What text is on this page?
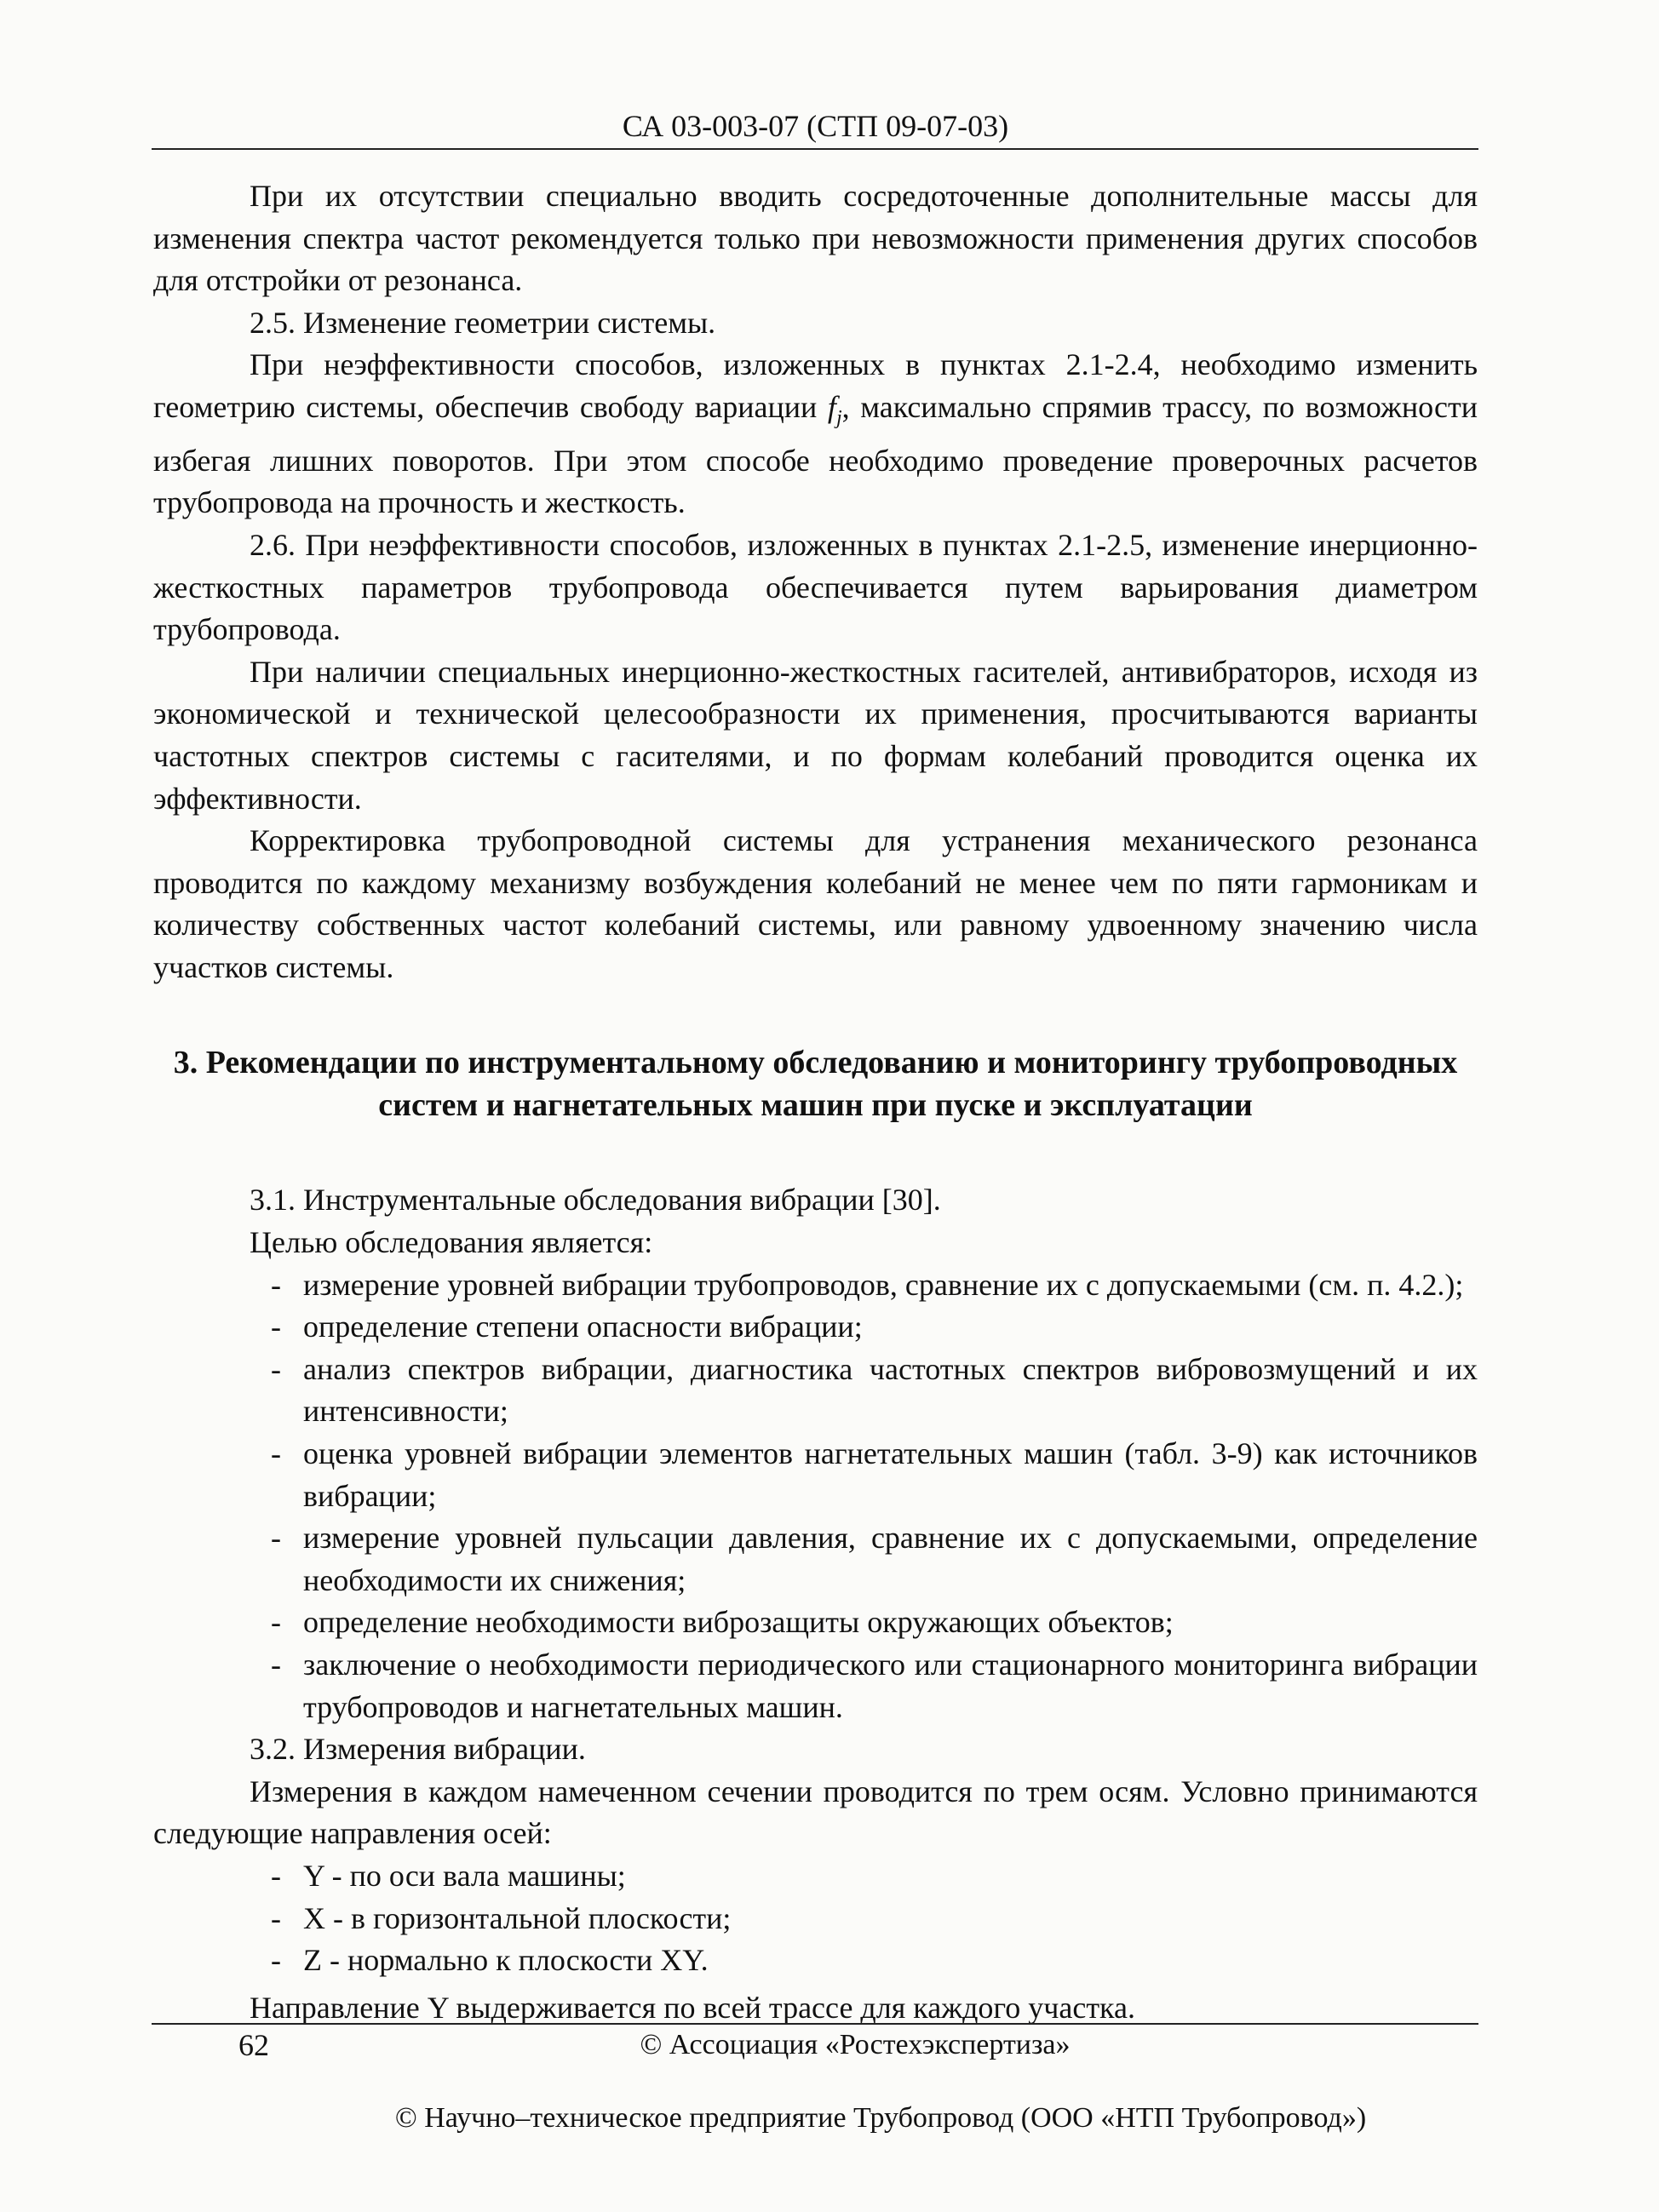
СА 03-003-07 (СТП 09-07-03)

При их отсутствии специально вводить сосредоточенные дополнительные массы для изменения спектра частот рекомендуется только при невозможности применения других способов для отстройки от резонанса.

2.5. Изменение геометрии системы.

При неэффективности способов, изложенных в пунктах 2.1-2.4, необходимо изменить геометрию системы, обеспечив свободу вариации $f_j$, максимально спрямив трассу, по возможности избегая лишних поворотов. При этом способе необходимо проведение проверочных расчетов трубопровода на прочность и жесткость.

2.6. При неэффективности способов, изложенных в пунктах 2.1-2.5, изменение инерционно-жесткостных параметров трубопровода обеспечивается путем варьирования диаметром трубопровода.

При наличии специальных инерционно-жесткостных гасителей, антивибраторов, исходя из экономической и технической целесообразности их применения, просчитываются варианты частотных спектров системы с гасителями, и по формам колебаний проводится оценка их эффективности.

Корректировка трубопроводной системы для устранения механического резонанса проводится по каждому механизму возбуждения колебаний не менее чем по пяти гармоникам и количеству собственных частот колебаний системы, или равному удвоенному значению числа участков системы.

3. Рекомендации по инструментальному обследованию и мониторингу трубопроводных систем и нагнетательных машин при пуске и эксплуатации

3.1. Инструментальные обследования вибрации [30].

Целью обследования является:

- измерение уровней вибрации трубопроводов, сравнение их с допускаемыми (см. п. 4.2.);
- определение степени опасности вибрации;
- анализ спектров вибрации, диагностика частотных спектров вибровозмущений и их интенсивности;
- оценка уровней вибрации элементов нагнетательных машин (табл. 3-9) как источников вибрации;
- измерение уровней пульсации давления, сравнение их с допускаемыми, определение необходимости их снижения;
- определение необходимости виброзащиты окружающих объектов;
- заключение о необходимости периодического или стационарного мониторинга вибрации трубопроводов и нагнетательных машин.

3.2. Измерения вибрации.

Измерения в каждом намеченном сечении проводится по трем осям. Условно принимаются следующие направления осей:

- Y - по оси вала машины;
- X - в горизонтальной плоскости;
- Z - нормально к плоскости XY.

Направление Y выдерживается по всей трассе для каждого участка.

62	© Ассоциация «Ростехэкспертиза»
© Научно–техническое предприятие Трубопровод (ООО «НТП Трубопровод»)
